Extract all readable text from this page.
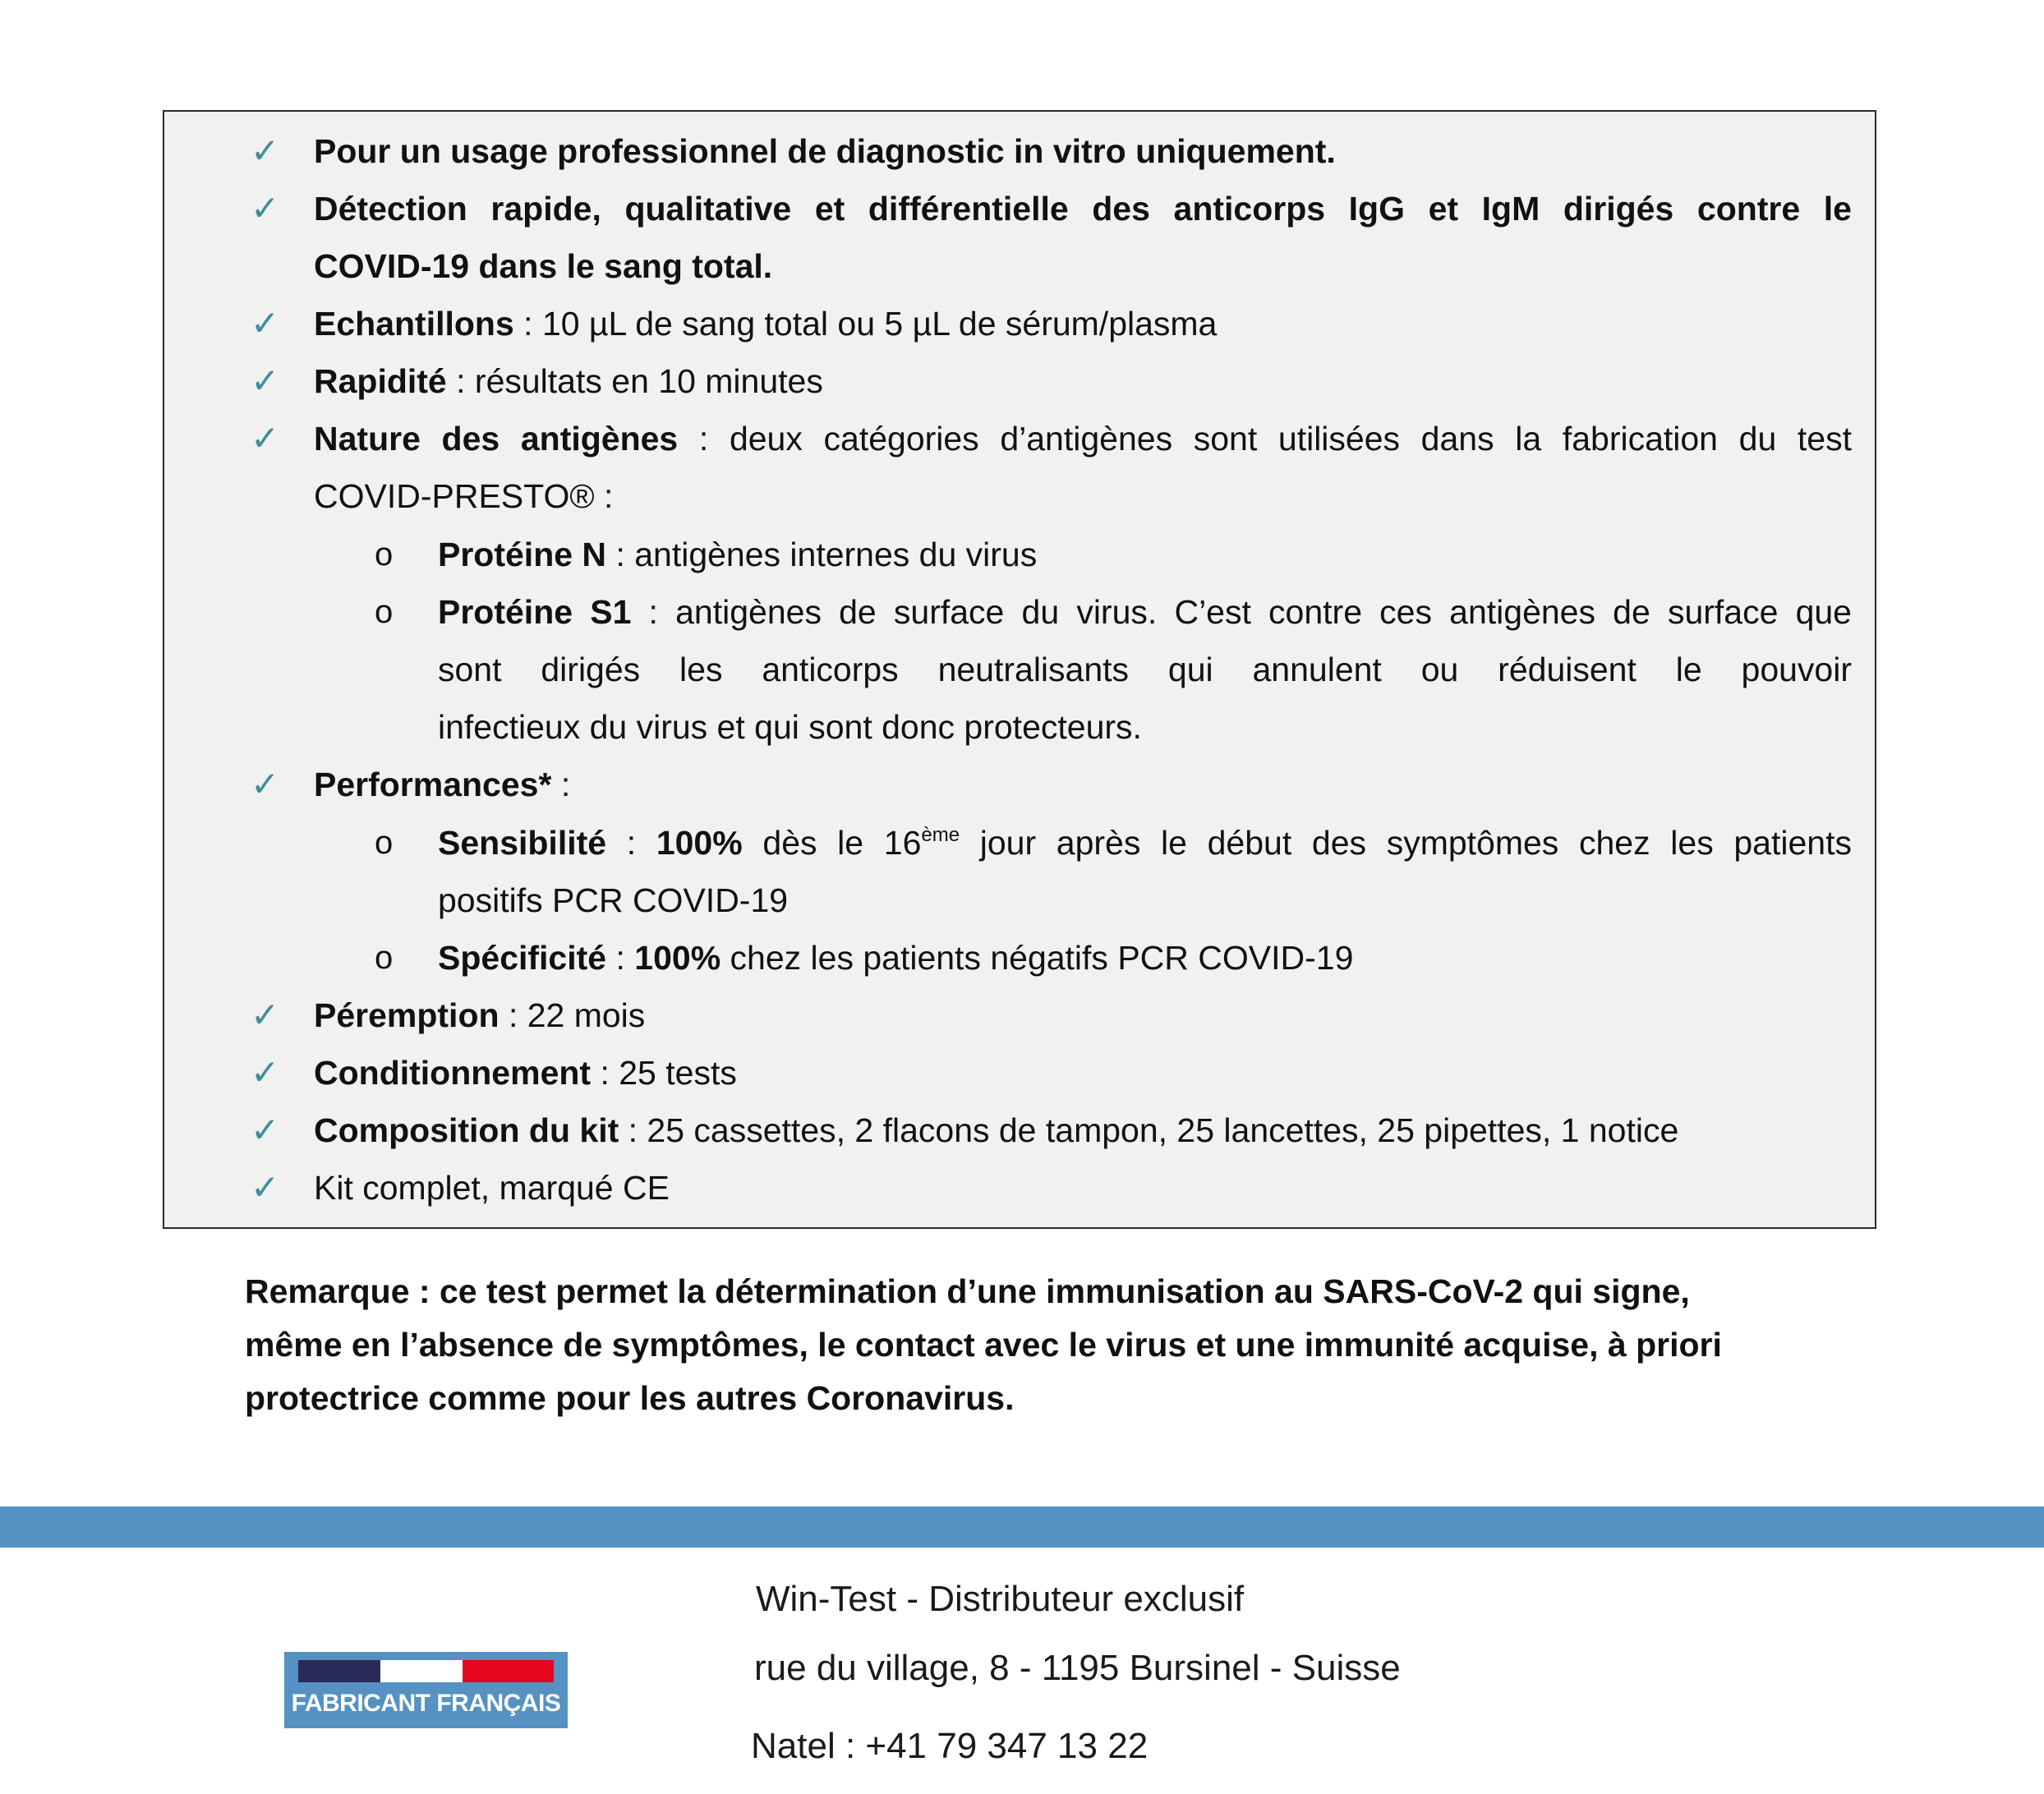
✓ Pour un usage professionnel de diagnostic in vitro uniquement.
✓ Détection rapide, qualitative et différentielle des anticorps IgG et IgM dirigés contre le
COVID-19 dans le sang total.
✓ Echantillons : 10 µL de sang total ou 5 µL de sérum/plasma
✓ Rapidité : résultats en 10 minutes
✓ Nature des antigènes : deux catégories d’antigènes sont utilisées dans la fabrication du test
COVID-PRESTO® :
o Protéine N : antigènes internes du virus
o Protéine S1 : antigènes de surface du virus. C’est contre ces antigènes de surface que
sont dirigés les anticorps neutralisants qui annulent ou réduisent le pouvoir
infectieux du virus et qui sont donc protecteurs.
✓ Performances* :
o Sensibilité : 100% dès le 16ème jour après le début des symptômes chez les patients
positifs PCR COVID-19
o Spécificité : 100% chez les patients négatifs PCR COVID-19
✓ Péremption : 22 mois
✓ Conditionnement : 25 tests
✓ Composition du kit : 25 cassettes, 2 flacons de tampon, 25 lancettes, 25 pipettes, 1 notice
✓ Kit complet, marqué CE
Remarque : ce test permet la détermination d’une immunisation au SARS-CoV-2 qui signe,
même en l’absence de symptômes, le contact avec le virus et une immunité acquise, à priori
protectrice comme pour les autres Coronavirus.
FABRICANT FRANÇAIS
Win-Test - Distributeur exclusif
rue du village, 8 - 1195 Bursinel - Suisse
Natel : +41 79 347 13 22
